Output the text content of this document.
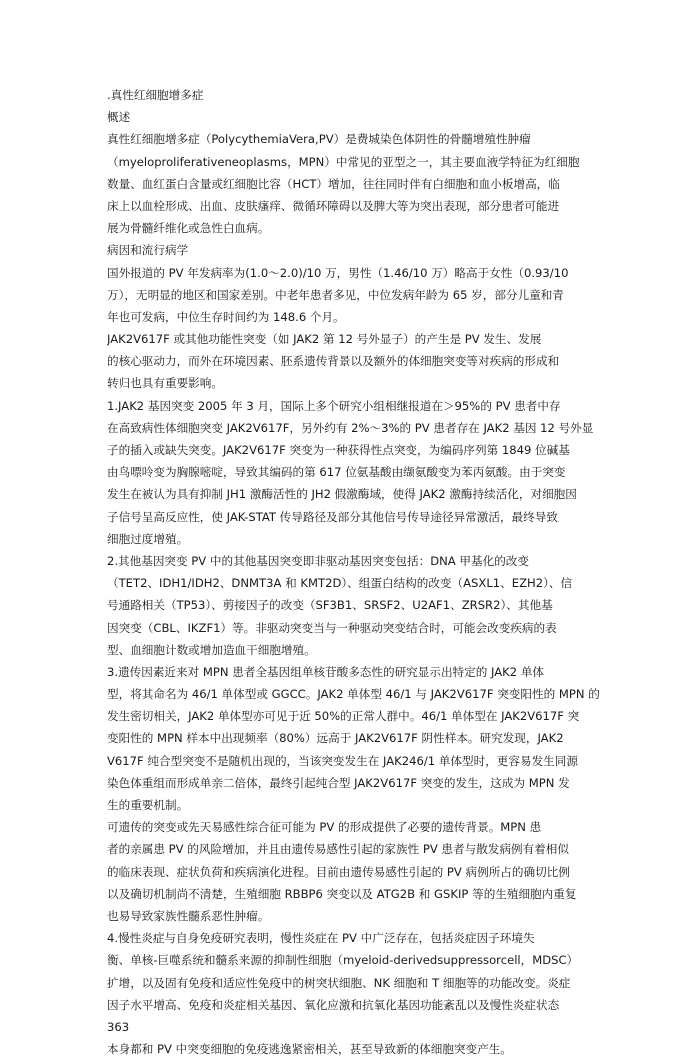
.真性红细胞增多症
概述
真性红细胞增多症（PolycythemiaVera,PV）是费城染色体阴性的骨髓增殖性肿瘤
（myeloproliferativeneoplasms，MPN）中常见的亚型之一，其主要血液学特征为红细胞
数量、血红蛋白含量或红细胞比容（HCT）增加，往往同时伴有白细胞和血小板增高，临
床上以血栓形成、出血、皮肤瘙痒、微循环障碍以及脾大等为突出表现，部分患者可能进
展为骨髓纤维化或急性白血病。
病因和流行病学
国外报道的 PV 年发病率为(1.0～2.0)/10 万，男性（1.46/10 万）略高于女性（0.93/10
万），无明显的地区和国家差别。中老年患者多见，中位发病年龄为 65 岁，部分儿童和青
年也可发病，中位生存时间约为 148.6 个月。
JAK2V617F 或其他功能性突变（如 JAK2 第 12 号外显子）的产生是 PV 发生、发展
的核心驱动力，而外在环境因素、胚系遗传背景以及额外的体细胞突变等对疾病的形成和
转归也具有重要影响。
1.JAK2 基因突变 2005 年 3 月，国际上多个研究小组相继报道在＞95%的 PV 患者中存
在高致病性体细胞突变 JAK2V617F，另外约有 2%～3%的 PV 患者存在 JAK2 基因 12 号外显
子的插入或缺失突变。JAK2V617F 突变为一种获得性点突变，为编码序列第 1849 位碱基
由鸟嘌呤变为胸腺嘧啶，导致其编码的第 617 位氨基酸由缬氨酸变为苯丙氨酸。由于突变
发生在被认为具有抑制 JH1 激酶活性的 JH2 假激酶域，使得 JAK2 激酶持续活化，对细胞因
子信号呈高反应性，使 JAK-STAT 传导路径及部分其他信号传导途径异常激活，最终导致
细胞过度增殖。
2.其他基因突变 PV 中的其他基因突变即非驱动基因突变包括：DNA 甲基化的改变
（TET2、IDH1/IDH2、DNMT3A 和 KMT2D）、组蛋白结构的改变（ASXL1、EZH2）、信
号通路相关（TP53）、剪接因子的改变（SF3B1、SRSF2、U2AF1、ZRSR2）、其他基
因突变（CBL、IKZF1）等。非驱动突变当与一种驱动突变结合时，可能会改变疾病的表
型、血细胞计数或增加造血干细胞增殖。
3.遗传因素近来对 MPN 患者全基因组单核苷酸多态性的研究显示出特定的 JAK2 单体
型，将其命名为 46/1 单体型或 GGCC。JAK2 单体型 46/1 与 JAK2V617F 突变阳性的 MPN 的
发生密切相关，JAK2 单体型亦可见于近 50%的正常人群中。46/1 单体型在 JAK2V617F 突
变阳性的 MPN 样本中出现频率（80%）远高于 JAK2V617F 阴性样本。研究发现，JAK2
V617F 纯合型突变不是随机出现的，当该突变发生在 JAK246/1 单体型时，更容易发生同源
染色体重组而形成单亲二倍体，最终引起纯合型 JAK2V617F 突变的发生，这成为 MPN 发
生的重要机制。
可遗传的突变或先天易感性综合征可能为 PV 的形成提供了必要的遗传背景。MPN 患
者的亲属患 PV 的风险增加，并且由遗传易感性引起的家族性 PV 患者与散发病例有着相似
的临床表现、症状负荷和疾病演化进程。目前由遗传易感性引起的 PV 病例所占的确切比例
以及确切机制尚不清楚，生殖细胞 RBBP6 突变以及 ATG2B 和 GSKIP 等的生殖细胞内重复
也易导致家族性髓系恶性肿瘤。
4.慢性炎症与自身免疫研究表明，慢性炎症在 PV 中广泛存在，包括炎症因子环境失
衡、单核-巨噬系统和髓系来源的抑制性细胞（myeloid-derivedsuppressorcell，MDSC）
扩增，以及固有免疫和适应性免疫中的树突状细胞、NK 细胞和 T 细胞等的功能改变。炎症
因子水平增高、免疫和炎症相关基因、氧化应激和抗氧化基因功能紊乱以及慢性炎症状态
363
本身都和 PV 中突变细胞的免疫逃逸紧密相关，甚至导致新的体细胞突变产生。
